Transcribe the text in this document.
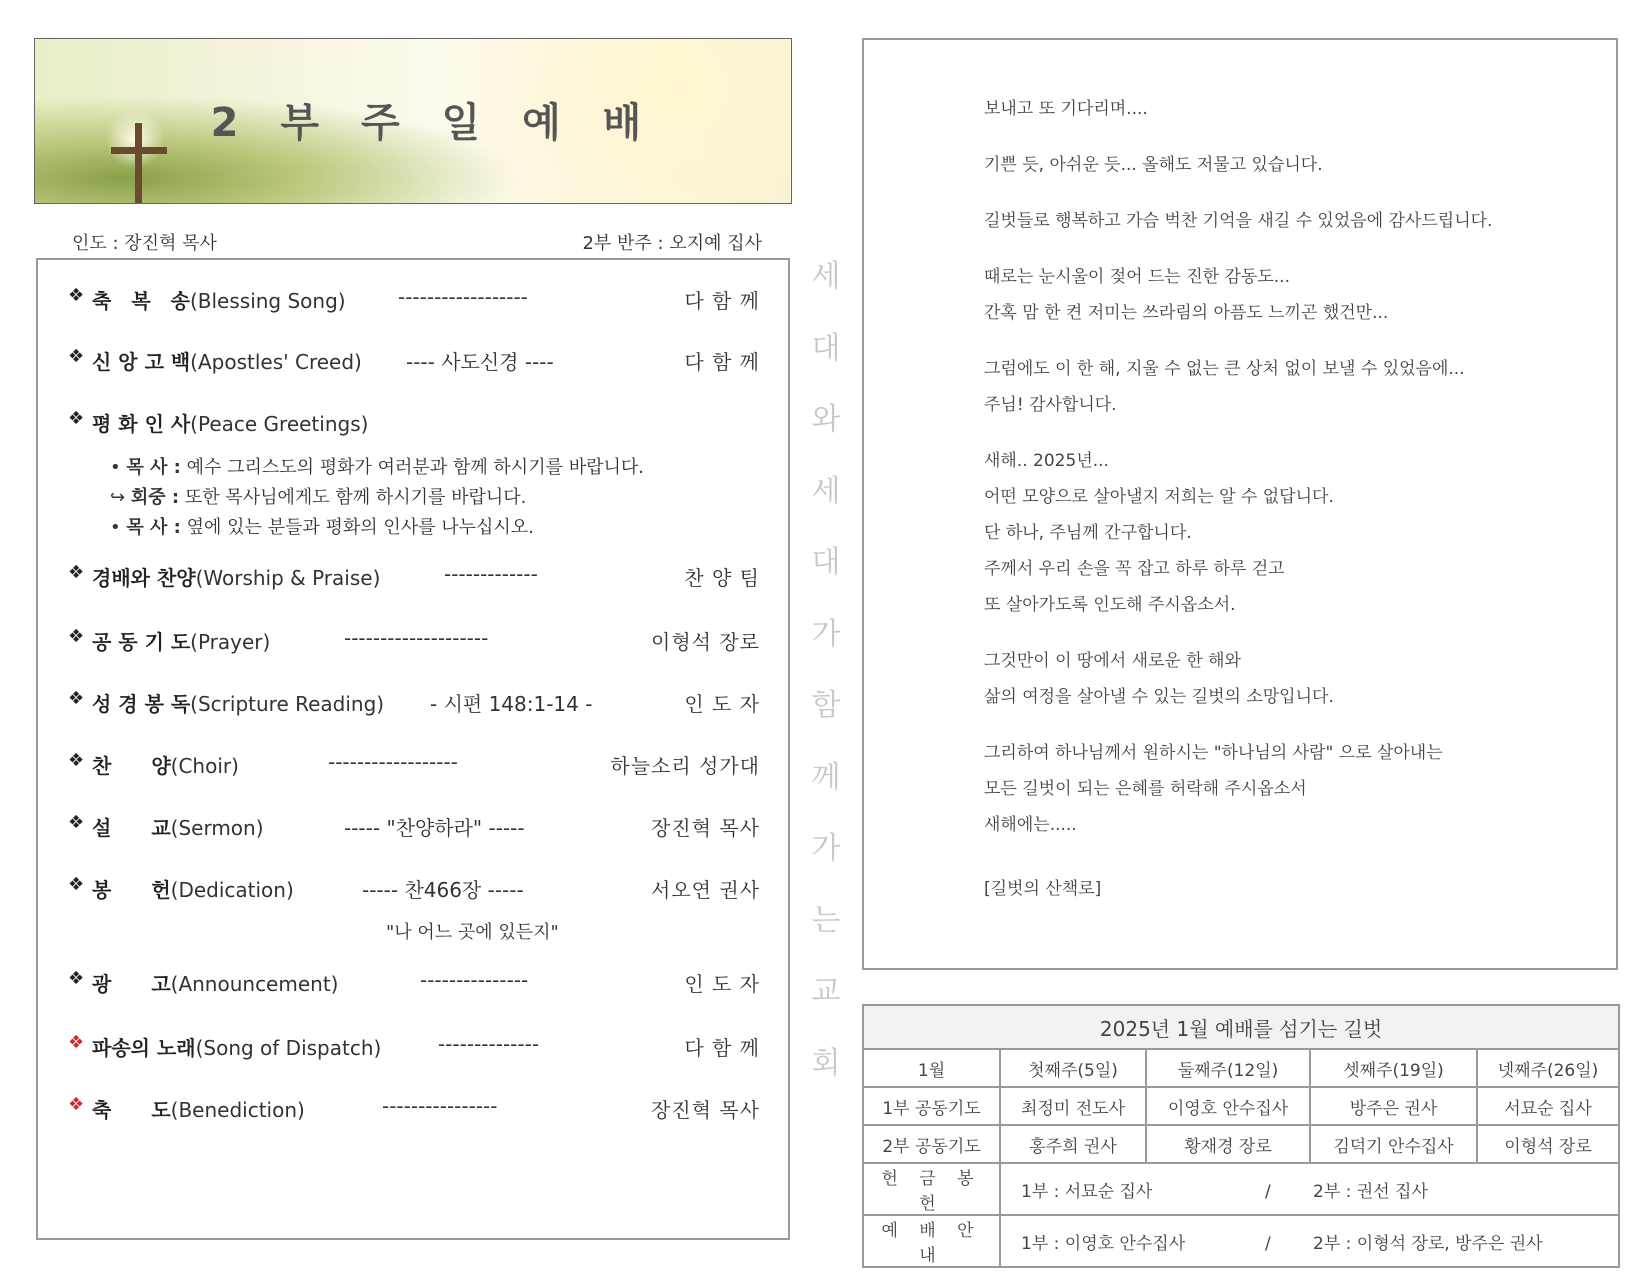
2 부 주 일 예 배
인도 : 장진혁 목사	2부 반주 : 오지예 집사
❖ 축　복　송(Blessing Song)	------------------	다 함 께
❖ 신 앙 고 백(Apostles' Creed) ---- 사도신경 ----	다 함 께
❖ 평 화 인 사(Peace Greetings)
• 목 사 : 예수 그리스도의 평화가 여러분과 함께 하시기를 바랍니다.
↪ 회중 : 또한 목사님에게도 함께 하시기를 바랍니다.
• 목 사 : 옆에 있는 분들과 평화의 인사를 나누십시오.
❖ 경배와 찬양(Worship & Praise)	-------------	찬 양 팀
❖ 공 동 기 도(Prayer)	--------------------	이형석 장로
❖ 성 경 봉 독(Scripture Reading) - 시편 148:1-14 -	인 도 자
❖ 찬　　양(Choir)	------------------	하늘소리 성가대
❖ 설　　교(Sermon)	----- "찬양하라" -----	장진혁 목사
❖ 봉　　헌(Dedication)	----- 찬466장 -----	서오연 권사
"나 어느 곳에 있든지"
❖ 광　　고(Announcement)	---------------	인 도 자
❖ 파송의 노래(Song of Dispatch)	--------------	다 함 께
❖ 축　　도(Benediction)	----------------	장진혁 목사
세
대
와
세
대
가
함
께
가
는
교
회
보내고 또 기다리며....
기쁜 듯, 아쉬운 듯... 올해도 저물고 있습니다.
길벗들로 행복하고 가슴 벅찬 기억을 새길 수 있었음에 감사드립니다.
때로는 눈시울이 젖어 드는 진한 감동도...
간혹 맘 한 켠 저미는 쓰라림의 아픔도 느끼곤 했건만...
그럼에도 이 한 해, 지울 수 없는 큰 상처 없이 보낼 수 있었음에...
주님! 감사합니다.
새해.. 2025년...
어떤 모양으로 살아낼지 저희는 알 수 없답니다.
단 하나, 주님께 간구합니다.
주께서 우리 손을 꼭 잡고 하루 하루 걷고
또 살아가도록 인도해 주시옵소서.
그것만이 이 땅에서 새로운 한 해와
삶의 여정을 살아낼 수 있는 길벗의 소망입니다.
그리하여 하나님께서 원하시는 "하나님의 사람" 으로 살아내는
모든 길벗이 되는 은혜를 허락해 주시옵소서
새해에는.....
[길벗의 산책로]
2025년 1월 예배를 섬기는 길벗				
1월	첫째주(5일)	둘째주(12일)	셋째주(19일)	넷째주(26일)
1부 공동기도	최정미 전도사	이영호 안수집사	방주은 권사	서묘순 집사
2부 공동기도	홍주희 권사	황재경 장로	김덕기 안수집사	이형석 장로
헌 금 봉 헌	1부 : 서묘순 집사 / 2부 : 권선 집사			
예 배 안 내	1부 : 이영호 안수집사 / 2부 : 이형석 장로, 방주은 권사			
